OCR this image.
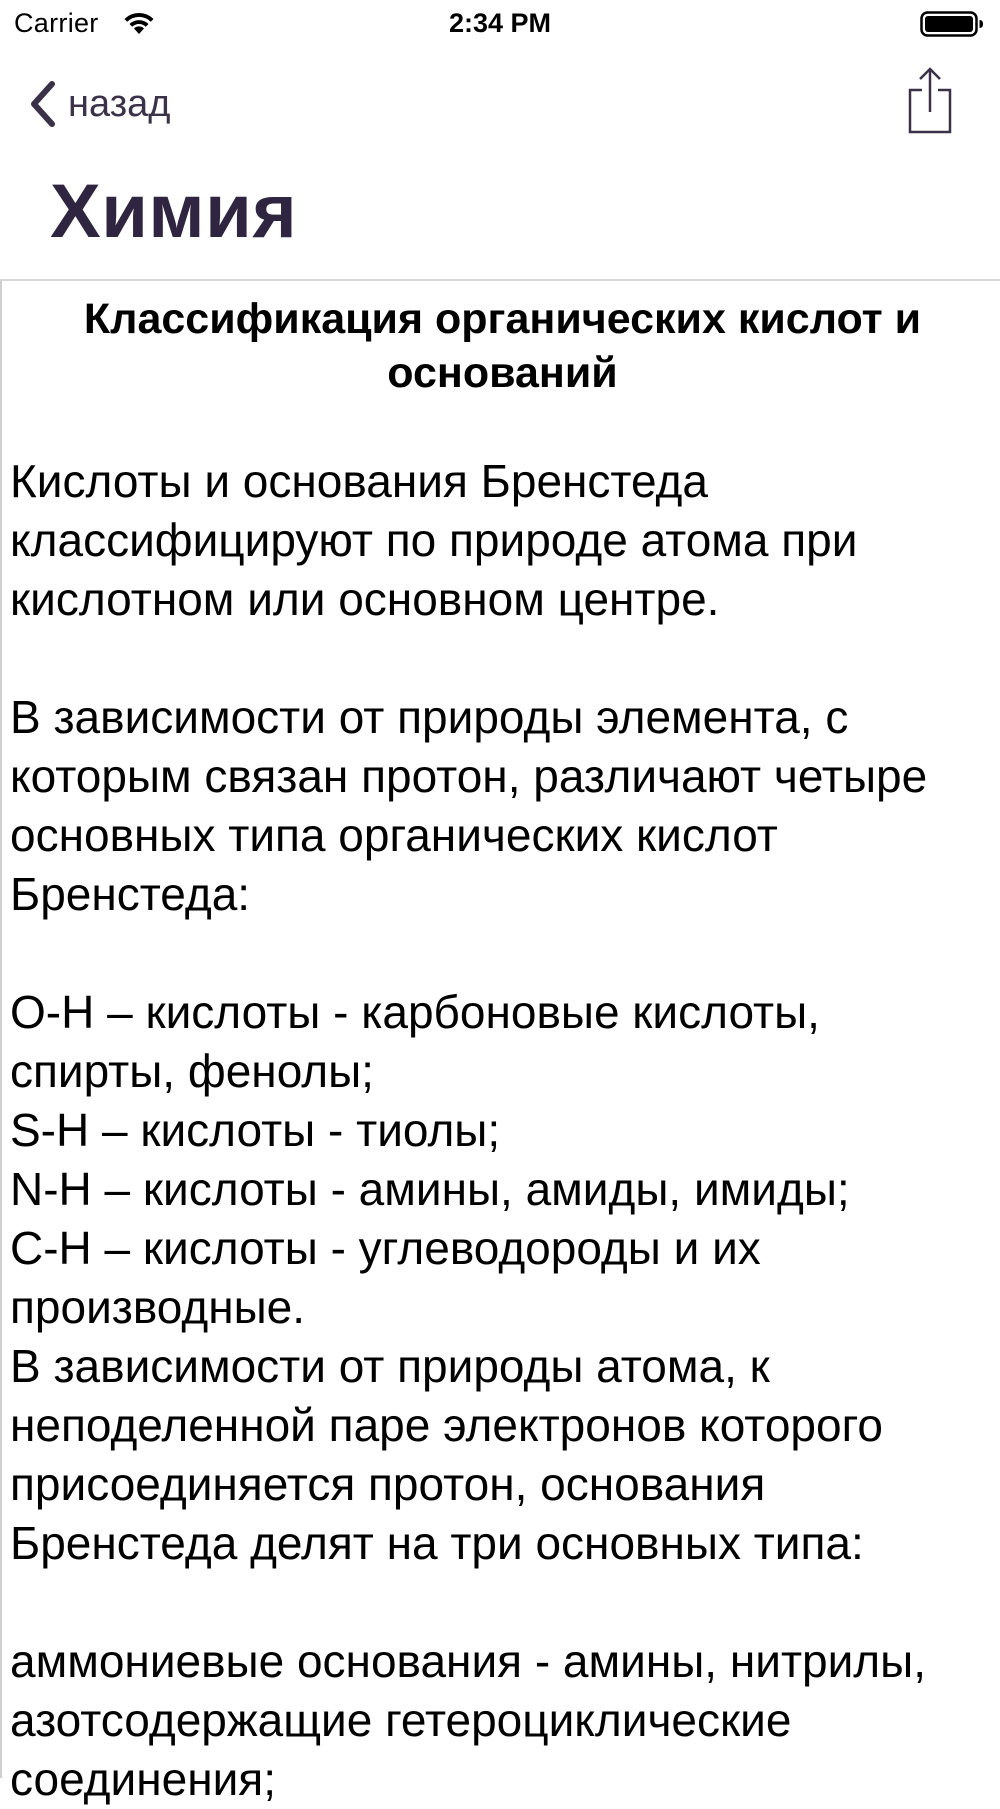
Carrier	2:34 PM
назад
Химия
Классификация органических кислот и оснований

Кислоты и основания Бренстеда классифицируют по природе атома при кислотном или основном центре.

В зависимости от природы элемента, с которым связан протон, различают четыре основных типа органических кислот Бренстеда:

O-H – кислоты - карбоновые кислоты, спирты, фенолы;

S-H – кислоты - тиолы;

N-H – кислоты - амины, амиды, имиды;

C-H – кислоты - углеводороды и их производные.

В зависимости от природы атома, к неподеленной паре электронов которого присоединяется протон, основания Бренстеда делят на три основных типа:

аммониевые основания - амины, нитрилы, азотсодержащие гетероциклические соединения;
